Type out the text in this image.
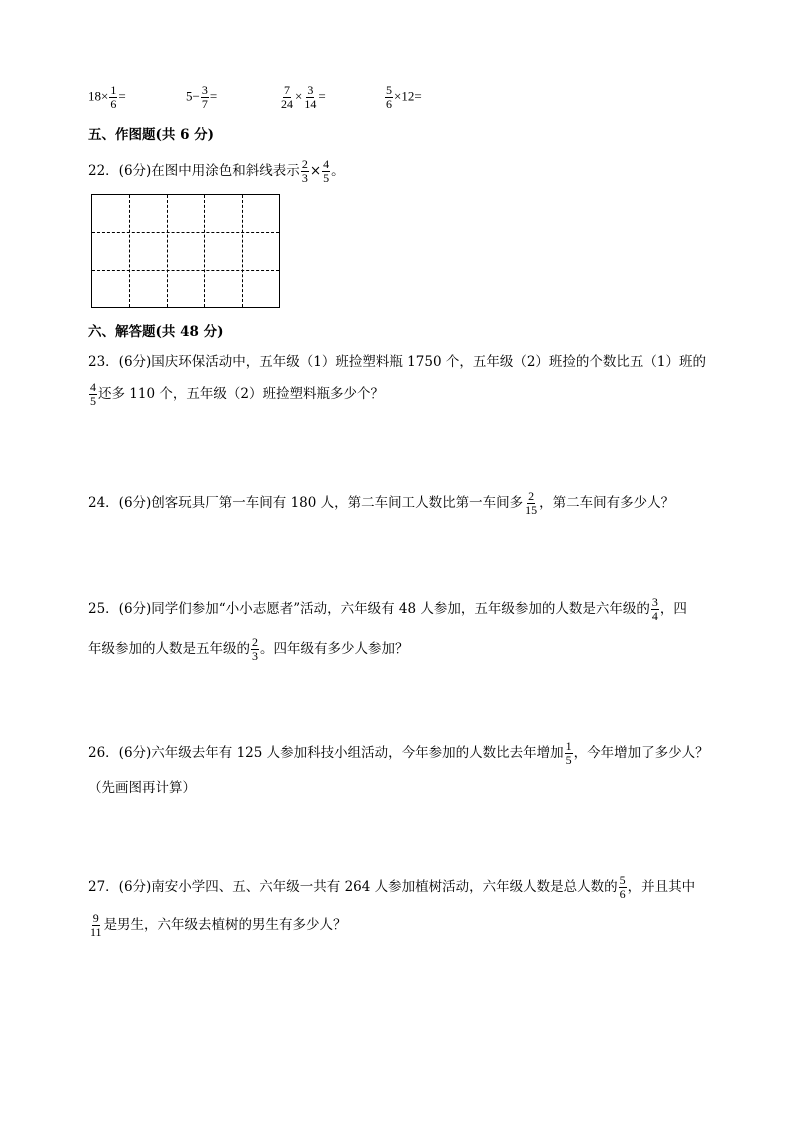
$18\times \frac{1}{6}$ =	$5- \frac{3}{7}$ =	$\frac{7}{24} \times \frac{3}{14}$ =	$\frac{5}{6} \times 12=$
五、作图题(共 6 分)
22．(6分)在图中用涂色和斜线表示 $\frac{2}{3} \times \frac{4}{5}$ 。
六、解答题(共 48 分)
23．(6分)国庆环保活动中，五年级（1）班捡塑料瓶 1750 个，五年级（2）班捡的个数比五（1）班的
$\frac{4}{5}$ 还多 110 个，五年级（2）班捡塑料瓶多少个？
24．(6分)创客玩具厂第一车间有 180 人，第二车间工人数比第一车间多 $\frac{2}{15}$ ，第二车间有多少人？
25．(6分)同学们参加“小小志愿者”活动，六年级有 48 人参加，五年级参加的人数是六年级的 $\frac{3}{4}$ ，四
年级参加的人数是五年级的 $\frac{2}{3}$ 。四年级有多少人参加？
26．(6分)六年级去年有 125 人参加科技小组活动，今年参加的人数比去年增加 $\frac{1}{5}$ ，今年增加了多少人？
（先画图再计算）
27．(6分)南安小学四、五、六年级一共有 264 人参加植树活动，六年级人数是总人数的 $\frac{5}{6}$ ，并且其中
$\frac{9}{11}$ 是男生，六年级去植树的男生有多少人？
